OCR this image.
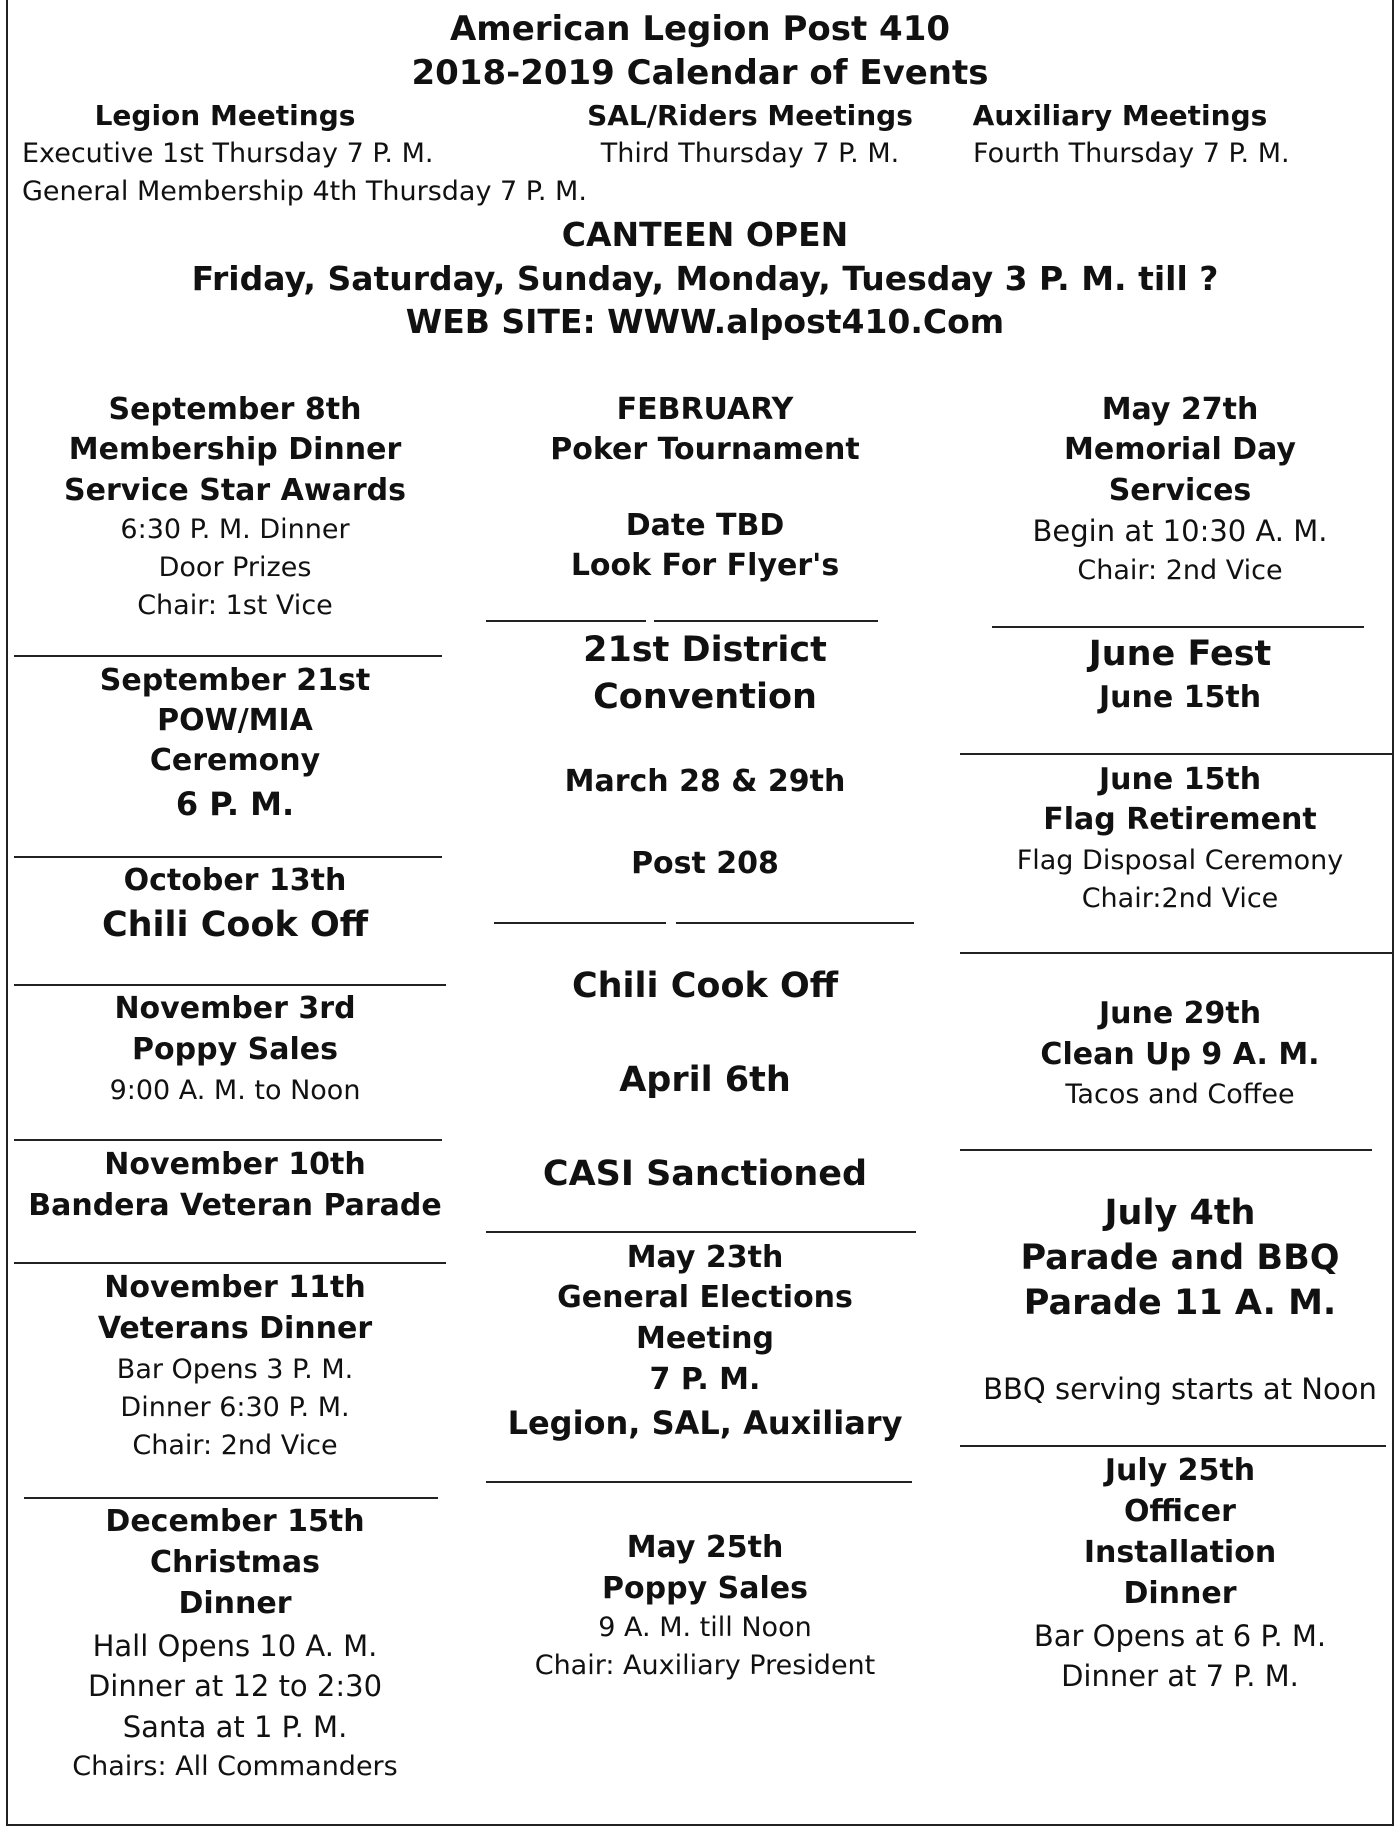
American Legion Post 410
2018-2019 Calendar of Events
Legion Meetings
Executive 1st Thursday 7 P. M.
General Membership 4th Thursday 7 P. M.
SAL/Riders Meetings
Third Thursday 7 P. M.
Auxiliary Meetings
Fourth Thursday 7 P. M.
CANTEEN OPEN
Friday, Saturday, Sunday, Monday, Tuesday 3 P. M. till ?
WEB SITE: WWW.alpost410.Com
September 8th
Membership Dinner
Service Star Awards
6:30 P. M. Dinner
Door Prizes
Chair: 1st Vice
September 21st
POW/MIA
Ceremony
6 P. M.
October 13th
Chili Cook Off
November 3rd
Poppy Sales
9:00 A. M. to Noon
November 10th
Bandera Veteran Parade
November 11th
Veterans Dinner
Bar Opens 3 P. M.
Dinner 6:30 P. M.
Chair: 2nd Vice
December 15th
Christmas
Dinner
Hall Opens 10 A. M.
Dinner at 12 to 2:30
Santa at 1 P. M.
Chairs: All Commanders
FEBRUARY
Poker Tournament
Date TBD
Look For Flyer's
21st District
Convention
March 28 & 29th
Post 208
Chili Cook Off
April 6th
CASI Sanctioned
May 23th
General Elections
Meeting
7 P. M.
Legion, SAL, Auxiliary
May 25th
Poppy Sales
9 A. M. till Noon
Chair: Auxiliary President
May 27th
Memorial Day
Services
Begin at 10:30 A. M.
Chair: 2nd Vice
June Fest
June 15th
June 15th
Flag Retirement
Flag Disposal Ceremony
Chair:2nd Vice
June 29th
Clean Up 9 A. M.
Tacos and Coffee
July 4th
Parade and BBQ
Parade 11 A. M.
BBQ serving starts at Noon
July 25th
Officer
Installation
Dinner
Bar Opens at 6 P. M.
Dinner at 7 P. M.
